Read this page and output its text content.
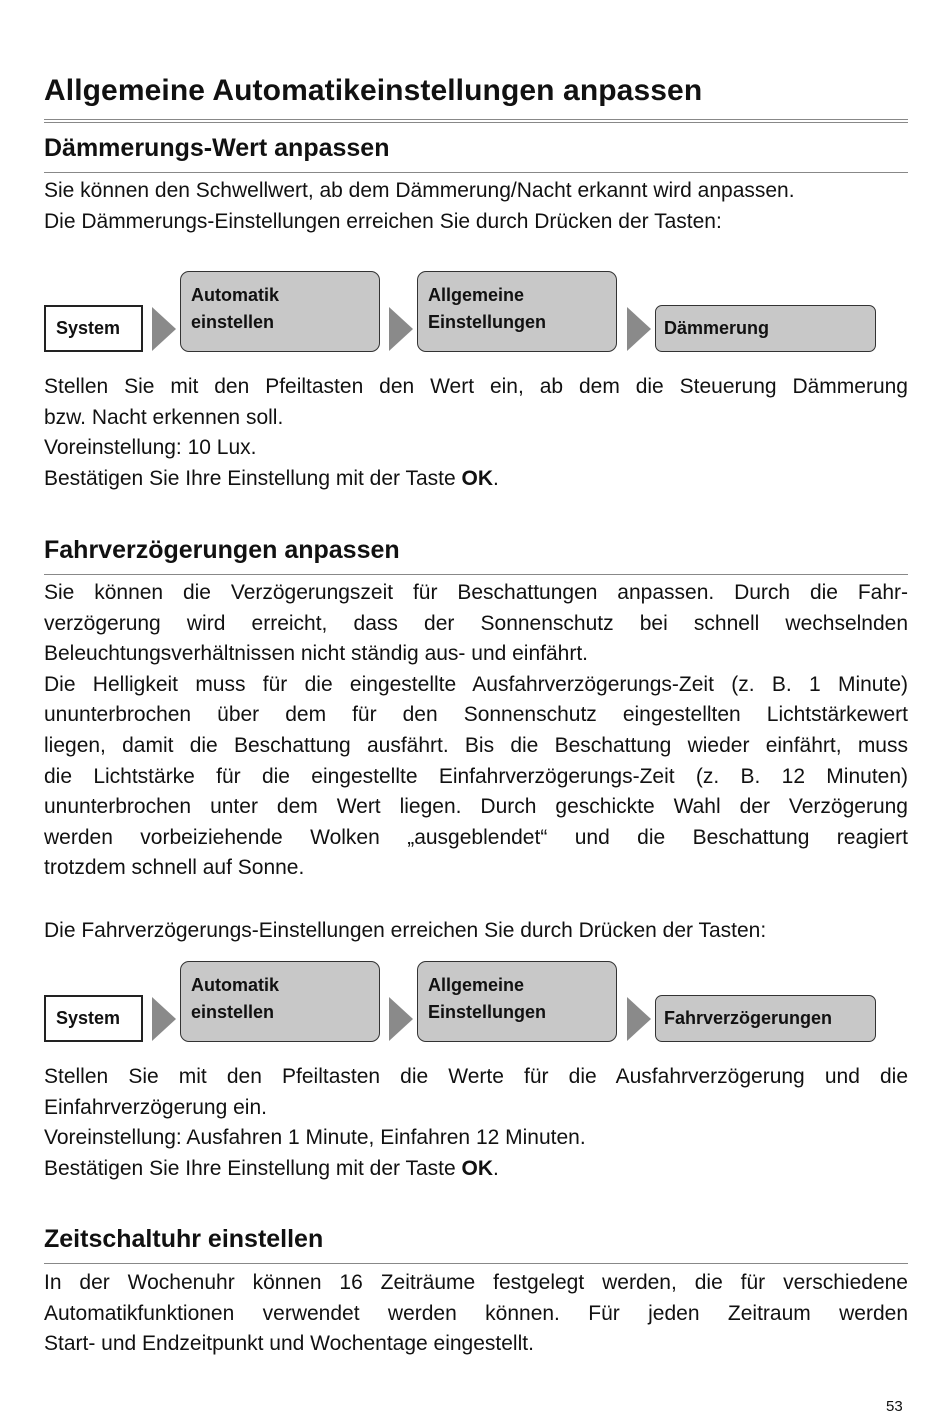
Allgemeine Automatikeinstellungen anpassen
Dämmerungs-Wert anpassen
Sie können den Schwellwert, ab dem Dämmerung/Nacht erkannt wird anpassen.
Die Dämmerungs-Einstellungen erreichen Sie durch Drücken der Tasten:
System
Automatik
einstellen
Allgemeine
Einstellungen	Dämmerung
Stellen Sie mit den Pfeiltasten den Wert ein, ab dem die Steuerung Dämmerung
bzw. Nacht erkennen soll.
Voreinstellung: 10 Lux.
Bestätigen Sie Ihre Einstellung mit der Taste OK.
Fahrverzögerungen anpassen
Sie können die Verzögerungszeit für Beschattungen anpassen. Durch die Fahr-
verzögerung wird erreicht, dass der Sonnenschutz bei schnell wechselnden
Beleuchtungsverhältnissen nicht ständig aus- und einfährt.
Die Helligkeit muss für die eingestellte Ausfahrverzögerungs-Zeit (z. B. 1 Minute)
ununterbrochen über dem für den Sonnenschutz eingestellten Lichtstärkewert
liegen, damit die Beschattung ausfährt. Bis die Beschattung wieder einfährt, muss
die Lichtstärke für die eingestellte Einfahrverzögerungs-Zeit (z. B. 12 Minuten)
ununterbrochen unter dem Wert liegen. Durch geschickte Wahl der Verzögerung
werden vorbeiziehende Wolken „ausgeblendet“ und die Beschattung reagiert
trotzdem schnell auf Sonne.
Die Fahrverzögerungs-Einstellungen erreichen Sie durch Drücken der Tasten:
System
Automatik
einstellen
Allgemeine
Einstellungen	Fahrverzögerungen
Stellen Sie mit den Pfeiltasten die Werte für die Ausfahrverzögerung und die
Einfahrverzögerung ein.
Voreinstellung: Ausfahren 1 Minute, Einfahren 12 Minuten.
Bestätigen Sie Ihre Einstellung mit der Taste OK.
Zeitschaltuhr einstellen
In der Wochenuhr können 16 Zeiträume festgelegt werden, die für verschiedene
Automatikfunktionen verwendet werden können. Für jeden Zeitraum werden
Start- und Endzeitpunkt und Wochentage eingestellt.
53
